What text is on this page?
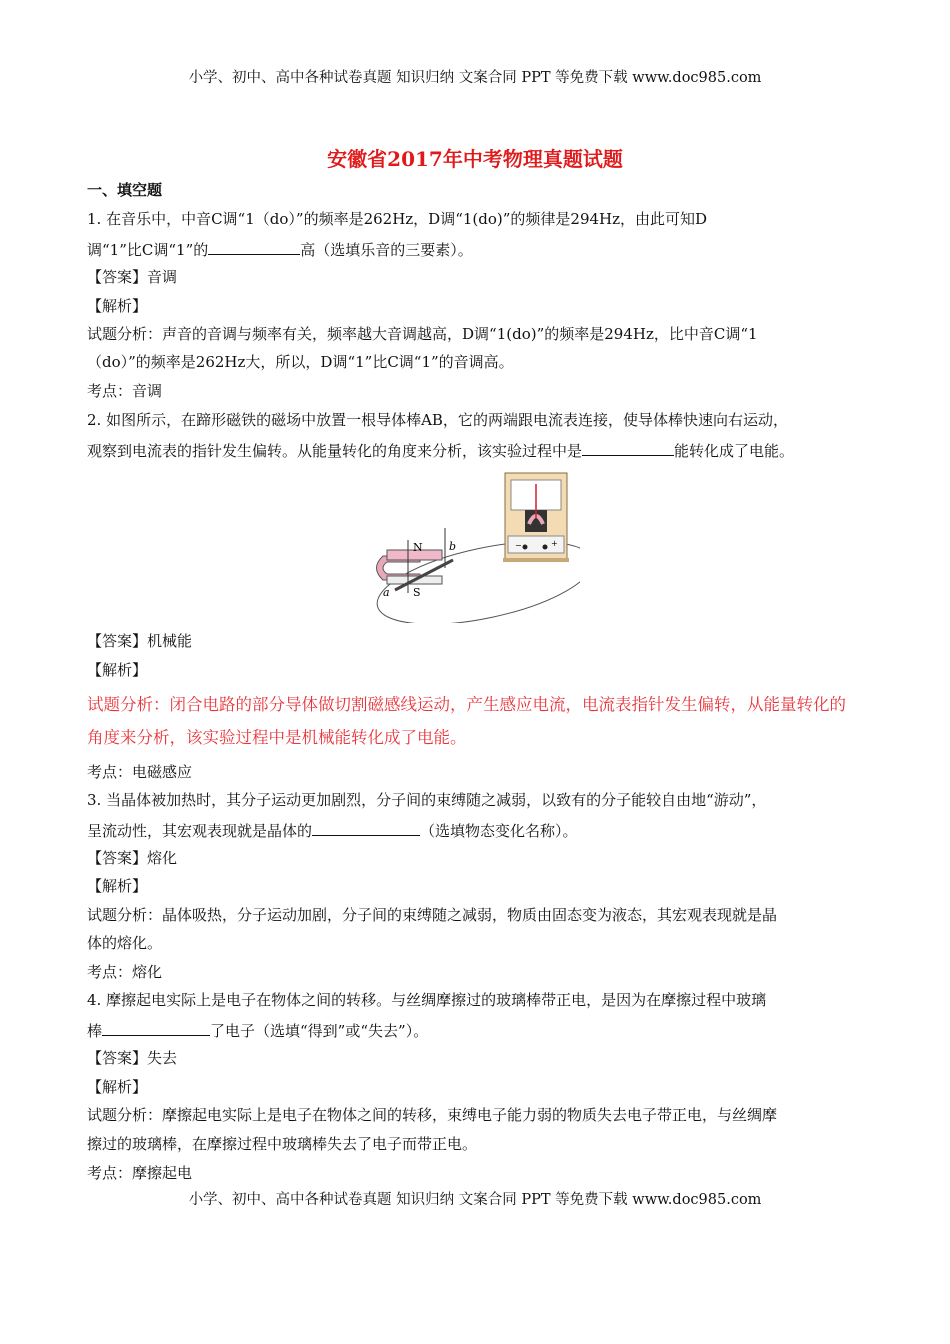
小学、初中、高中各种试卷真题 知识归纳 文案合同 PPT 等免费下载 www.doc985.com
安徽省2017年中考物理真题试题
一、填空题
1. 在音乐中，中音C调“1（do）”的频率是262Hz，D调“1(do)”的频律是294Hz，由此可知D
调“1”比C调“1”的	高（选填乐音的三要素）。
【答案】音调
【解析】
试题分析：声音的音调与频率有关，频率越大音调越高，D调“1(do)”的频率是294Hz，比中音C调“1
（do）”的频率是262Hz大，所以，D调“1”比C调“1”的音调高。
考点：音调
2. 如图所示，在蹄形磁铁的磁场中放置一根导体棒AB，它的两端跟电流表连接，使导体棒快速向右运动，
观察到电流表的指针发生偏转。从能量转化的角度来分析，该实验过程中是	能转化成了电能。
N
S
a
b	−	+
【答案】机械能
【解析】
试题分析：闭合电路的部分导体做切割磁感线运动，产生感应电流，电流表指针发生偏转，从能量转化的
角度来分析，该实验过程中是机械能转化成了电能。
考点：电磁感应
3. 当晶体被加热时，其分子运动更加剧烈，分子间的束缚随之减弱，以致有的分子能较自由地“游动”，
呈流动性，其宏观表现就是晶体的	（选填物态变化名称）。
【答案】熔化
【解析】
试题分析：晶体吸热，分子运动加剧，分子间的束缚随之减弱，物质由固态变为液态，其宏观表现就是晶
体的熔化。
考点：熔化
4. 摩擦起电实际上是电子在物体之间的转移。与丝绸摩擦过的玻璃棒带正电，是因为在摩擦过程中玻璃
棒	了电子（选填“得到”或“失去”）。
【答案】失去
【解析】
试题分析：摩擦起电实际上是电子在物体之间的转移，束缚电子能力弱的物质失去电子带正电，与丝绸摩
擦过的玻璃棒，在摩擦过程中玻璃棒失去了电子而带正电。
考点：摩擦起电
小学、初中、高中各种试卷真题 知识归纳 文案合同 PPT 等免费下载 www.doc985.com
